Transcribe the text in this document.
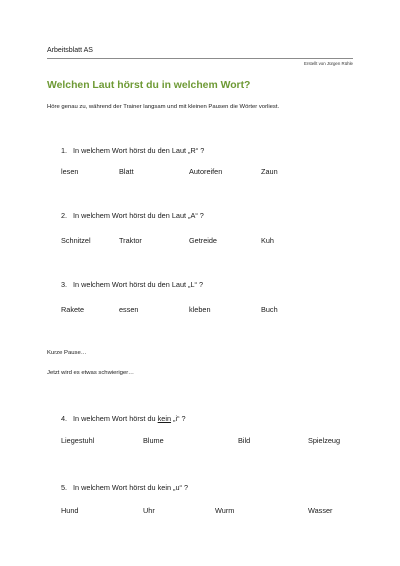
Arbeitsblatt AS
Erstellt von Jürgen Rühle
Welchen Laut hörst du in welchem Wort?
Höre genau zu, während der Trainer langsam und mit kleinen Pausen die Wörter vorliest.
1. In welchem Wort hörst du den Laut „R“ ?
lesen	Blatt	Autoreifen	Zaun
2. In welchem Wort hörst du den Laut „A“ ?
Schnitzel	Traktor	Getreide	Kuh
3. In welchem Wort hörst du den Laut „L“ ?
Rakete	essen	kleben	Buch
Kurze Pause…
Jetzt wird es etwas schwieriger…
4. In welchem Wort hörst du kein „i“ ?
Liegestuhl	Blume	Bild	Spielzeug
5. In welchem Wort hörst du kein „u“ ?
Hund	Uhr	Wurm	Wasser
